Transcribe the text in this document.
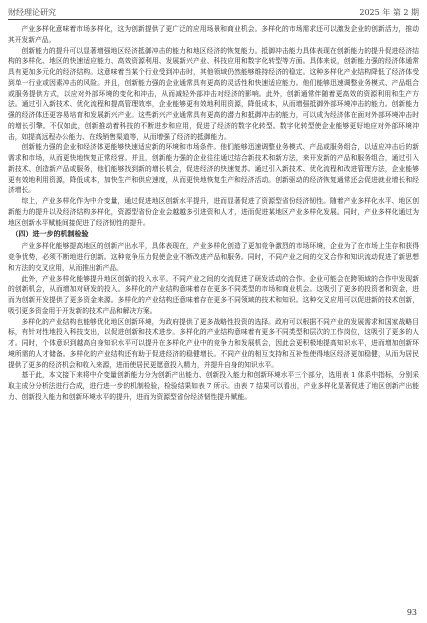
财经理论研究	2025 年 第 2 期

产业多样化意味着市场多样化，这为创新提供了更广泛的应用场景和商业机会。多样化的市场需求还可以激发企业的创新活力，推动其开发新产品。

创新能力的提升可以显著增强地区经济抵御冲击的能力和地区经济的恢复能力。抵御冲击能力具体表现在创新能力的提升促进经济结构的多样化、地区的快速适应能力、高效资源利用、发展新兴产业、科技应用和数字化转型等方面。具体来说，创新能力强的经济体通常具有更加多元化的经济结构。这意味着当某个行业受到冲击时，其他领域仍然能够维持经济的稳定。这种多样化产业结构降低了经济体受到单一行业或因素冲击的风险。并且，创新能力强的企业通常具有更高的灵活性和快速适应能力。他们能够迅速调整业务模式、产品组合或服务提供方式，以应对外部环境的变化和冲击，从而减轻外部冲击对经济的影响。此外，创新通常伴随着更高效的资源利用和生产方法。通过引入新技术、优化流程和提高管理效率，企业能够更有效地利用资源，降低成本，从而增强抵御外部环境冲击的能力。创新能力强的经济体还更容易培育和发展新兴产业。这些新兴产业通常具有更高的潜力和抵御冲击的能力，可以成为经济体在面对外部环境冲击时的增长引擎。不仅如此，创新推动着科技的不断进步和应用，促进了经济的数字化转型。数字化转型使企业能够更好地应对外部环境冲击，如提高远程办公能力、在线销售渠道等，从而增强了经济的抵御能力。

创新能力强的企业和经济体更能够快速适应新的环境和市场条件。他们能够迅速调整业务模式、产品或服务组合，以适应冲击后的新需求和市场，从而更快地恢复正常经营。并且，创新能力强的企业往往通过结合新技术和新方法，来开发新的产品和服务组合，通过引入新技术、创造新产品或服务，他们能够找到新的增长机会，促进经济的快速复苏。通过引入新技术、优化流程和改进管理方法，企业能够更有效地利用资源，降低成本，加快生产和供应速度，从而更快地恢复生产和经济活动。创新驱动的经济恢复通常还会促进就业增长和经济增长。

综上，产业多样化作为中介变量，通过促进地区创新水平提升，进而显著促进了资源型省份经济韧性。随着产业多样化水平、地区创新能力的提升以及经济结构多样化，资源型省份企业会越越多引进资和人才，进而促进某地区产业多样化发展。同时，产业多样化通过为地区创新水平赋能间接促进了经济韧性的提升。

（四）进一步的机制检验

产业多样化能够提高地区的创新产出水平，具体表现在，产业多样化创造了更加竞争激烈的市场环境，企业为了在市场上生存和获得竞争优势，必须不断地进行创新。这种竞争压力促使企业不断改进产品和服务。同时，不同产业之间的交叉合作和知识流动促进了新思想和方法的交叉应用，从而推出新产品。

此外，产业多样化能够提升地区创新的投入水平。不同产业之间的交流促进了研发活动的合作。企业可能会在跨领域的合作中发现新的创新机会，从而增加对研发的投入。多样化的产业结构意味着存在更多不同类型的市场和商业机会。这吸引了更多的投资者和资金，进而为创新开发提供了更多资金来源。多样化的产业结构还意味着存在更多不同领域的技术和知识。这种交叉应用可以促进新的技术创新，吸引更多资金用于开发新的技术产品和解决方案。

多样化的产业结构也能够优化地区创新环境，为政府提供了更多战略性投资的选择。政府可以根据不同产业的发展需求和国家战略目标，有针对性地投入科技支出，以促进创新和技术进步。多样化的产业结构意味着有更多不同类型和层次的工作岗位，这吸引了更多的人才。同时，个体意识到越高自身知识水平可以提升在多样化产业中的竞争力和发展机会，因此会更积极地提高知识水平，进而增加创新环境所需的人才储备。多样化的产业结构还有助于促进经济的稳健增长。不同产业的相互支持和互补性使得地区经济更加稳健，从而为居民提供了更多的经济机会和收入来源，进而使居民更愿意投入精力，并提升自身的知识水平。

基于此，本文接下来将中介变量创新能力分为创新产出能力、创新投入能力和创新环境水平三个部分，选用表 1 体系中指标，分别采取主成分分析法进行合成，进行进一步的机制检验，检验结果如表 7 所示。由表 7 结果可以看出，产业多样化显著促进了地区创新产出能力、创新投入能力和创新环境水平的提升，进而为资源型省份经济韧性提升赋能。

93
